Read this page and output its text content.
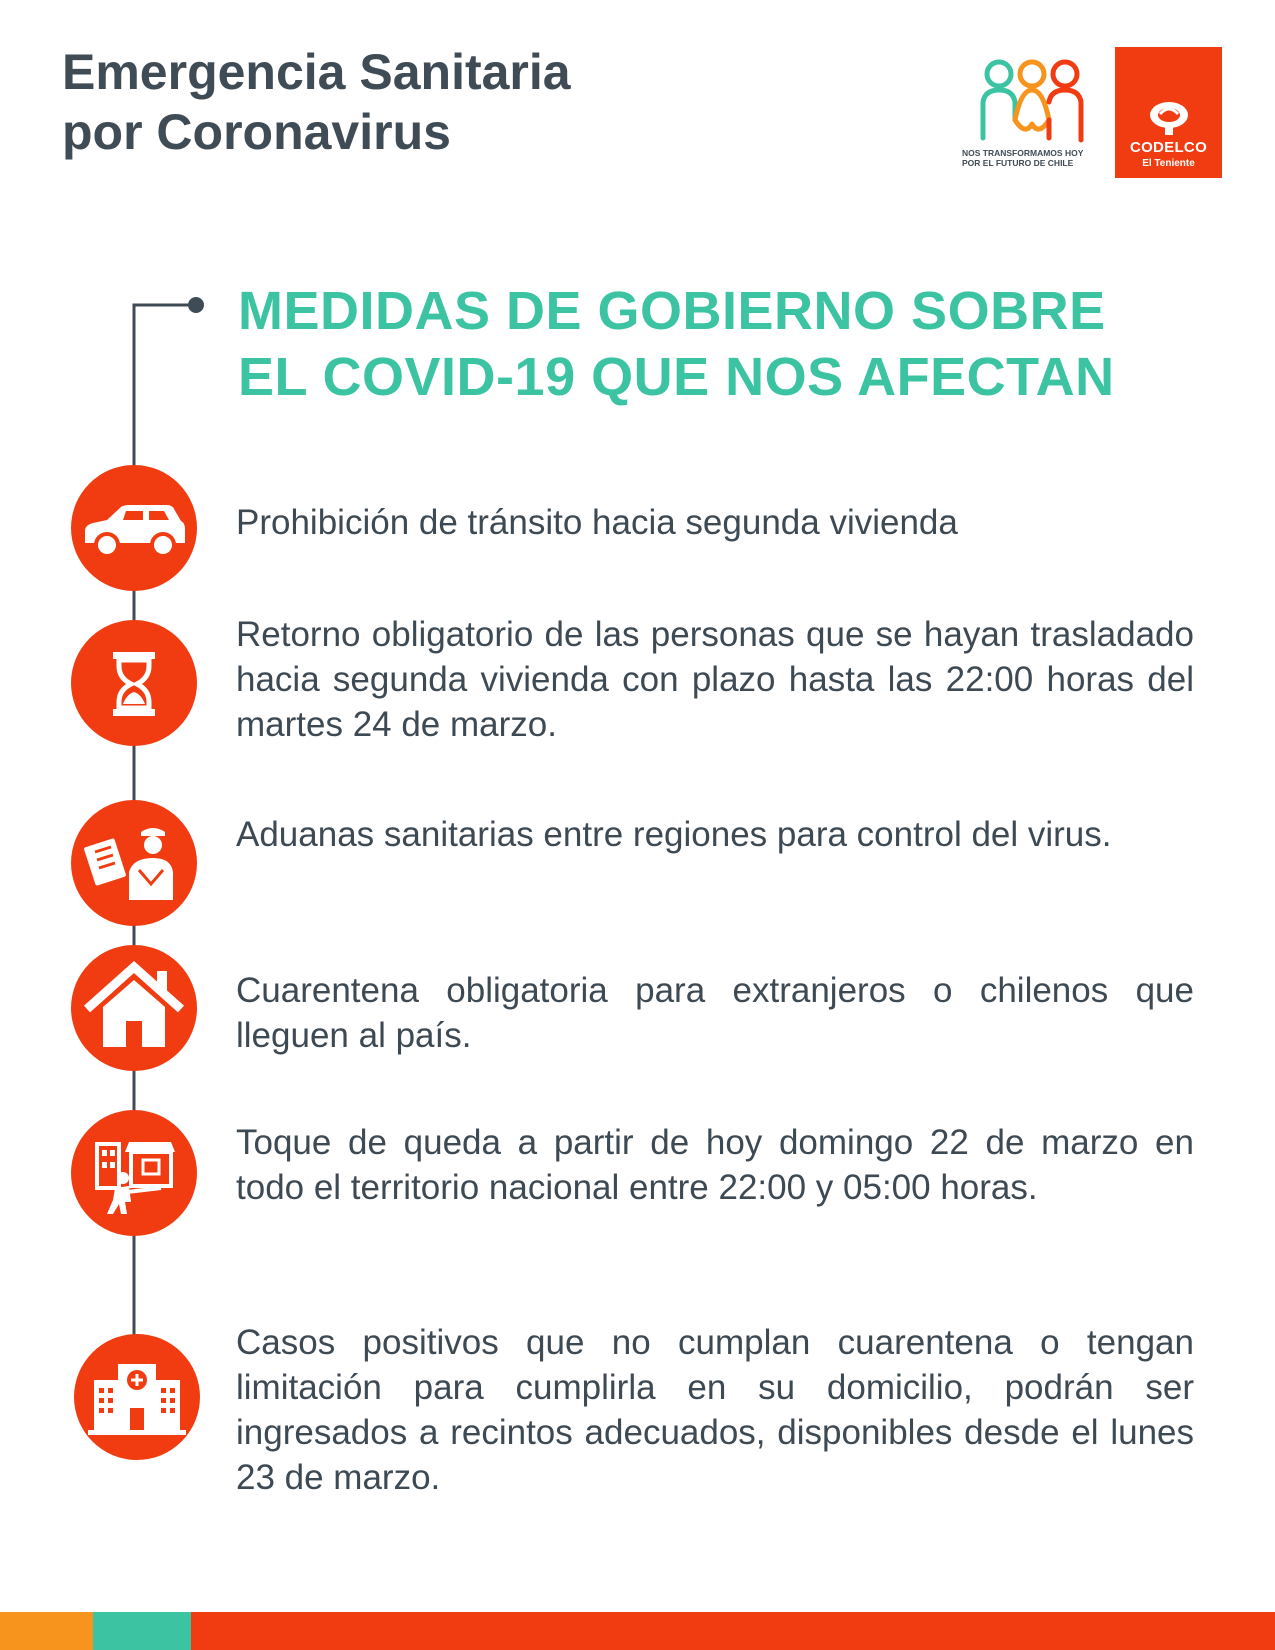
Emergencia Sanitaria
por Coronavirus	NOS TRANSFORMAMOS HOY
POR EL FUTURO DE CHILE
CODELCO
El Teniente
MEDIDAS DE GOBIERNO SOBRE
EL COVID-19 QUE NOS AFECTAN

Prohibición de tránsito hacia segunda vivienda

Retorno obligatorio de las personas que se hayan trasladado hacia segunda vivienda con plazo hasta las 22:00 horas del martes 24 de marzo.

Aduanas sanitarias entre regiones para control del virus.

Cuarentena obligatoria para extranjeros o chilenos que lleguen al país.

Toque de queda a partir de hoy domingo 22 de marzo en todo el territorio nacional entre 22:00 y 05:00 horas.

Casos positivos que no cumplan cuarentena o tengan limitación para cumplirla en su domicilio, podrán ser ingresados a recintos adecuados, disponibles desde el lunes 23 de marzo.
